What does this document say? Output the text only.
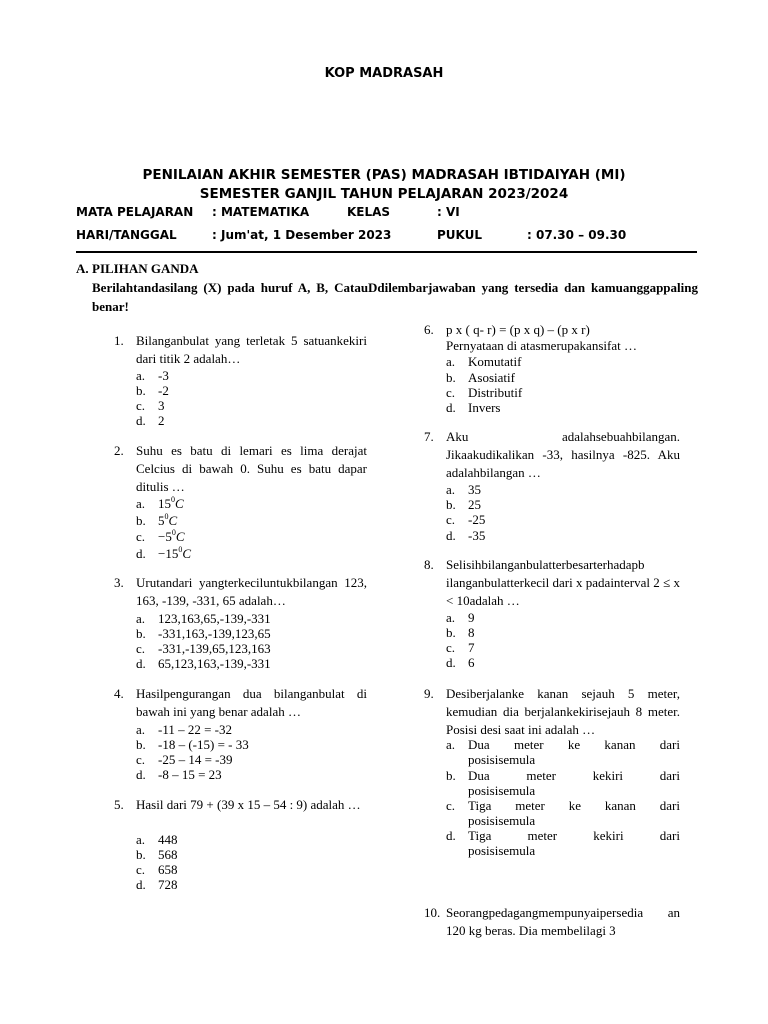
KOP MADRASAH
PENILAIAN AKHIR SEMESTER (PAS) MADRASAH IBTIDAIYAH (MI)
SEMESTER GANJIL TAHUN PELAJARAN 2023/2024
MATA PELAJARAN : MATEMATIKA	KELAS	: VI
HARI/TANGGAL	: Jum'at, 1 Desember 2023	PUKUL	: 07.30 – 09.30
A. PILIHAN GANDA
Berilahtandasilang (X) pada huruf A, B, CatauDdilembarjawaban yang tersedia dan kamuanggappaling benar!
1. Bilanganbulat yang terletak 5 satuankekiri dari titik 2 adalah…
a. -3
b. -2
c. 3
d. 2
2. Suhu es batu di lemari es lima derajat Celcius di bawah 0. Suhu es batu dapar ditulis …
a. $15^0C$
b. $5^0C$
c. $-5^0C$
d. $-15^0C$
3. Urutandari yangterkeciluntukbilangan 123, 163, -139, -331, 65 adalah…
a. 123,163,65,-139,-331
b. -331,163,-139,123,65
c. -331,-139,65,123,163
d. 65,123,163,-139,-331
4. Hasilpengurangan dua bilanganbulat di bawah ini yang benar adalah …
a. -11 – 22 = -32
b. -18 – (-15) = - 33
c. -25 – 14 = -39
d. -8 – 15 = 23
5. Hasil dari 79 + (39 x 15 – 54 : 9) adalah …
a. 448
b. 568
c. 658
d. 728
6. p x ( q- r) = (p x q) – (p x r)
Pernyataan di atasmerupakansifat …
a. Komutatif
b. Asosiatif
c. Distributif
d. Invers
7. Aku adalahsebuahbilangan. Jikaakudikalikan -33, hasilnya -825. Aku adalahbilangan …
a. 35
b. 25
c. -25
d. -35
8. Selisihbilanganbulatterbesarterhadapb ilanganbulatterkecil dari x padainterval 2 ≤ x < 10adalah …
a. 9
b. 8
c. 7
d. 6
9. Desiberjalanke kanan sejauh 5 meter, kemudian dia berjalankekirisejauh 8 meter. Posisi desi saat ini adalah …
a. Dua meter ke kanan dari
posisisemula
b. Dua meter kekiri dari
posisisemula
c. Tiga meter ke kanan dari
posisisemula
d. Tiga meter kekiri dari
posisisemula
10. Seorangpedagangmempunyaipersedia an 120 kg beras. Dia membelilagi 3
